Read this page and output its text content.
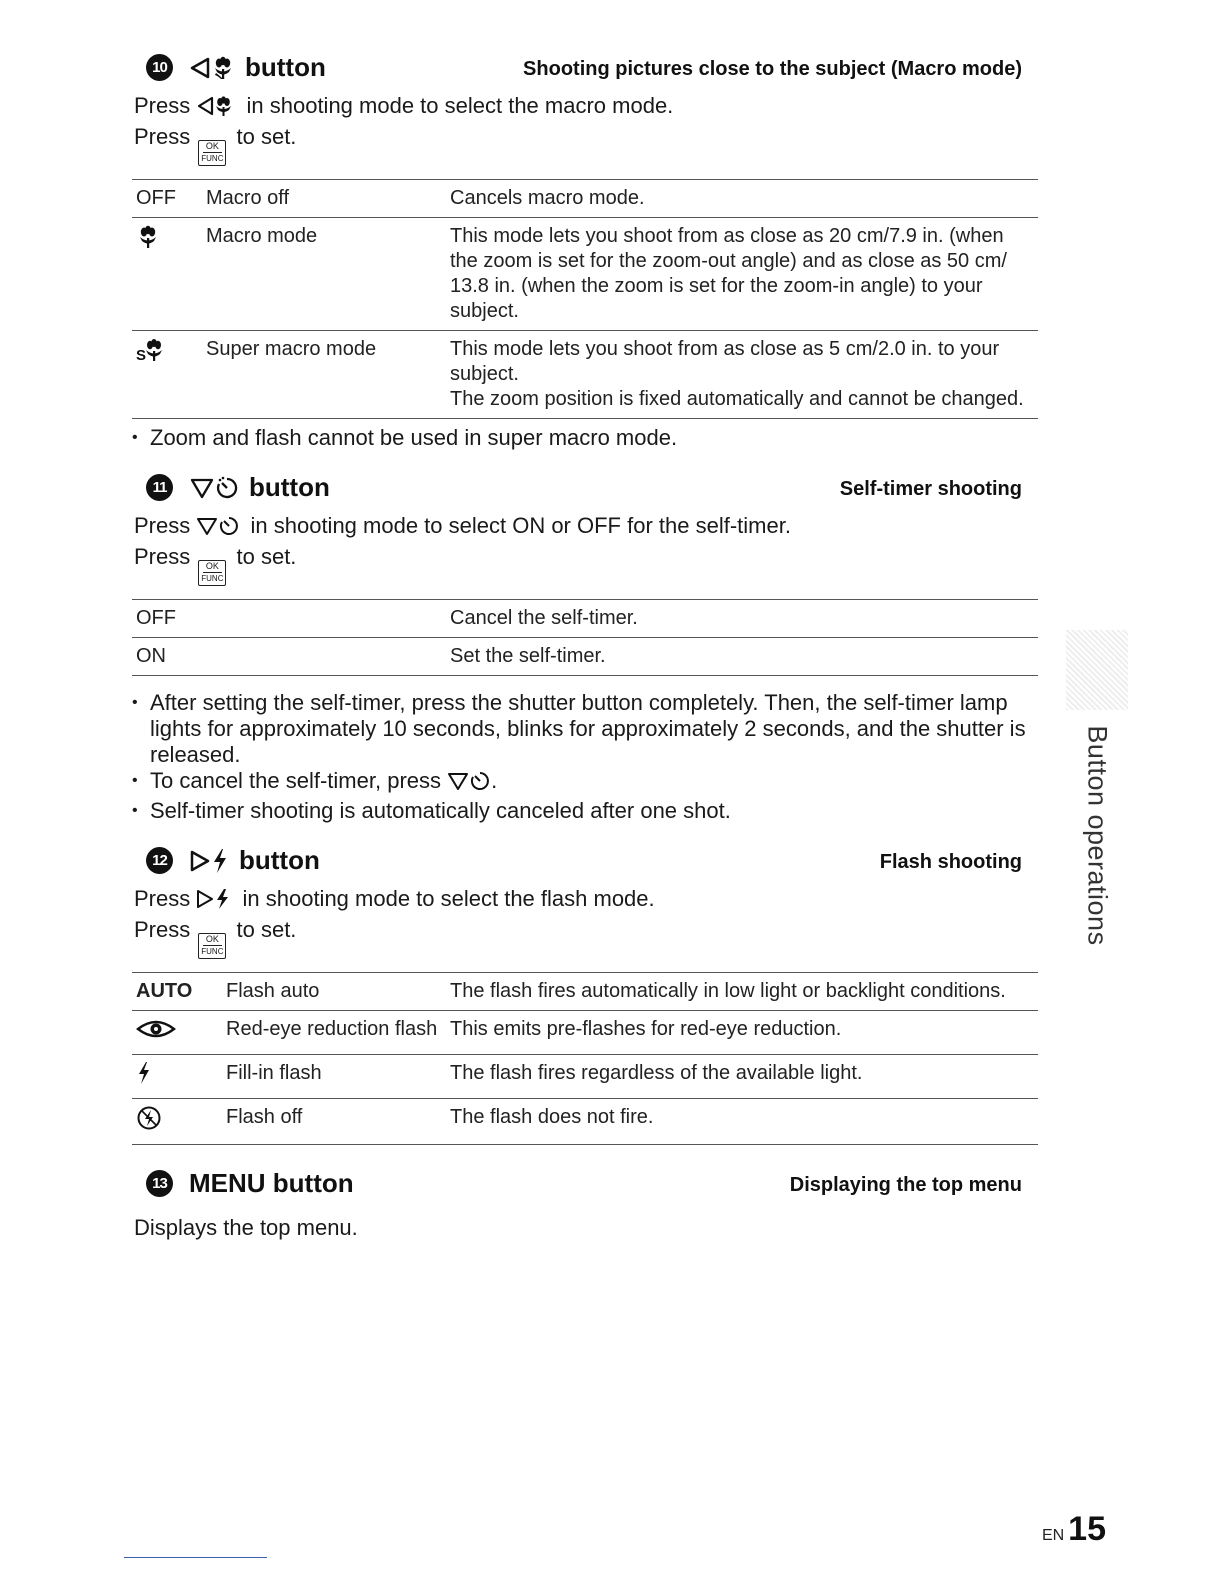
10	button	Shooting pictures close to the subject (Macro mode)

Press	in shooting mode to select the macro mode.
Press	OK
FUNC
to set.

OFF	Macro off	Cancels macro mode.
	Macro mode	This mode lets you shoot from as close as 20 cm/7.9 in. (when the zoom is set for the zoom-out angle) and as close as 50 cm/ 13.8 in. (when the zoom is set for the zoom-in angle) to your subject.

S	Super macro mode	This mode lets you shoot from as close as 5 cm/2.0 in. to your subject.
The zoom position is fixed automatically and cannot be changed.
• Zoom and flash cannot be used in super macro mode.
11	button	Self-timer shooting

Press	in shooting mode to select ON or OFF for the self-timer.
Press	OK
FUNC
to set.

OFF	Cancel the self-timer.
ON	Set the self-timer.
• After setting the self-timer, press the shutter button completely. Then, the self-timer lamp lights for approximately 10 seconds, blinks for approximately 2 seconds, and the shutter is released.
• To cancel the self-timer, press .
• Self-timer shooting is automatically canceled after one shot.
12	button	Flash shooting

Press in shooting mode to select the flash mode.
Press	OK
FUNC
to set.

AUTO	Flash auto	The flash fires automatically in low light or backlight conditions.
	Red-eye reduction flash	This emits pre-flashes for red-eye reduction.
	Fill-in flash	The flash fires regardless of the available light.
	Flash off	The flash does not fire.
13 MENU button	Displaying the top menu

Displays the top menu.

Button operations
EN 15
